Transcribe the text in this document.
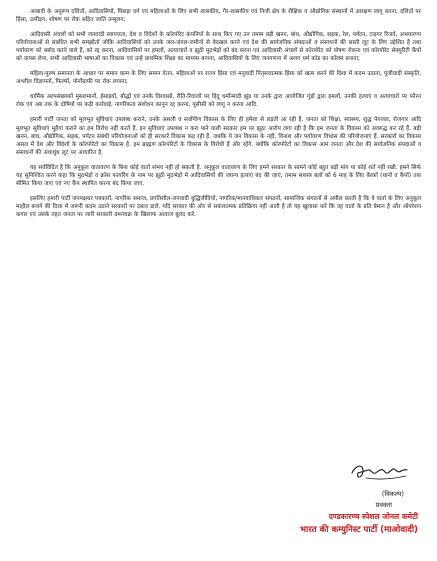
आबादी के अनुरूप दलितों, आदिवासियों, पिछड़ा वर्ग एवं महिलाओं के लिए सभी शासकीय, गैर-शासकीय एवं निजी क्षेत्र के शैक्षिक व औद्योगिक संस्थानों में आरक्षण लागू करना, दलितों पर हिंसा, उत्पीड़न, शोषण पर रोक सहित जाति उन्मूलन;

आदिवासी अंचलों को सभी जनवादी स्वायत्तता, देश व विदेशों के कॉरपोरेट कंपनियों के साथ किए गए उन तमाम बड़ी खनन, बांध, औद्योगिक, सड़क, रेल, पर्यटन, टाइगर रिजर्व, अभयारण्य परियोजनाओं से संबंधित सभी समझौतों जोकि आदिवासियों को उनके जल-जंगल-जमीनों से बेदखल करने एवं देश की सार्वजनिक संपदाओं व संसाधनों की सस्ती लूट के लिए उद्देशित हैं तथा पर्यावरण को बर्बाद करने वाले हैं, को रद्द करना, आदिवासियों पर हमलों, अत्याचारों व झूठी मुठभेड़ों को बंद करना एवं आदिवासी अंचलों से कॉरपोरेट को पोषण रोकना एवं कॉरपोरेट सेक्युरिटी कैंपों को वापस लेना, सभी आदिवासी भाषाओं का विकास एवं उन्हें प्राथमिक शिक्षा का माध्यम बनाना, आदिवासियों के लिए जनगणना में अलग धर्म कोड का कॉलम बनाना;

महिला-पुरुष समानता के आधार पर समान काम के लिए समान वेतन, महिलाओं पर राज्य हिंसा एवं मनुवादी पितृसत्तात्मक हिंसा को खत्म करने की दिशा में कदम उठाना, पूंजीवादी संस्कृति, अश्लील विज्ञापनों, फिल्मों, पोर्नोग्राफी पर रोक लगाना;

धार्मिक अल्पसंख्यकों मुसलमानों, ईसाइयों, बौद्धों एवं उनके विश्वासों, रीति-रिवाजों पर हिंदू धर्मोन्मादी झुंड या उनके द्वारा आयोजित गुंडों द्वारा हमलों, उनकी हत्याएं व अत्याचारों पर फौरन रोक एवं अब तक के दोषियों पर कड़ी कार्रवाई, नागरिकता संशोधन कानून रद्द करना, यूसीसी को लागू न करना आदि.

हमारी पार्टी जनता को मूलभूत सुविधाएं उपलब्ध कराने, उनके असली व सर्वांगीण विकास के लिए ही हमेशा से लड़ती आ रही है. जनता को शिक्षा, स्वास्थ्य, शुद्ध पेयजल, रोजगार आदि मूलभूत सुविधाएं मुहैया कराने का हम विरोध नहीं करते हैं. इन सुविधाएं उपलब्ध न करा पाने वाली सरकार हम पर झूठा आरोप लगा रही है कि हम जनता के विकास को अवरुद्ध कर रहे हैं. बड़ी खनन, बांध, औद्योगिक, सड़क, पर्यटन संबंधी परियोजनाओं को ही सरकारें विकास कह रही हैं. जबकि ये जन विकास के नहीं, विनाश और पर्यावरण विध्वंस की परियोजनाएं हैं. सरकारों का विकास असल में देश और विदेशों के कॉरपोरेटों का विकास है. हम ब्राह्मण कॉरपोरेटों के विकास के विरोधी हैं और रहेंगे. क्योंकि कॉरपोरेटों का विकास आम जनता और देश की सार्वजनिक संपदाओं व संसाधनों की अंधाधुंध लूट पर आधारित है.

यह सर्वविदित है कि अनुकूल वातावरण के बिना कोई वार्ता संभव नहीं हो सकती है. अनुकूल वातावरण के लिए हमने सरकार के सामने कोई बहुत बड़ी मांग या कोई शर्त नहीं रखी. हमने सिर्फ यह सुनिश्चित करने कहा कि मुठभेड़ों व क्रॉस फायरिंग के नाम पर झूठी मुठभेड़ों में आदिवासियों की जघन्य हत्याएं बंद की जाएं, तमाम सशस्त्र बलों को 6 माह के लिए बैरकों (थानों व कैंपों) तक सीमित किया जाए एवं नए कैंप स्थापित करना बंद किया जाए.

इसलिए हमारी पार्टी जनपक्षधर पत्रकारों, नागरिक समाज, प्रगतिशील-जनवादी बुद्धिजीवियों, नागरिक/मानवाधिकार संगठनों, सामाजिक संगठनों से अपील करती है कि वे वार्ता के लिए अनुकूल माहौल बनाने की दिशा में जरूरी कदम उठाने सरकारों पर दबाव डालें. यदि सरकार की ओर से सकारात्मक प्रतिक्रिया नहीं आती है तो यह खुलासा करें कि वह वार्ता के प्रति बेमान है और ऑपरेशन कगार एवं उसके तहत जनता पर जारी सरकारी दमनचक्र के खिलाफ आवाज बुलंद करें.

(विकल्प)
प्रवक्ता
दण्डकारण्य स्पेशल जोनल कमेटी
भारत की कम्युनिस्ट पार्टी (माओवादी)
